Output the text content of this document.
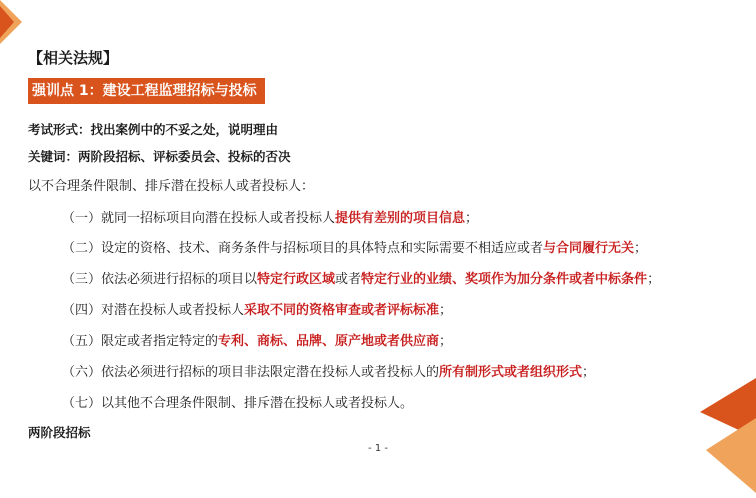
【相关法规】
强训点 1：建设工程监理招标与投标
考试形式：找出案例中的不妥之处，说明理由
关键词：两阶段招标、评标委员会、投标的否决
以不合理条件限制、排斥潜在投标人或者投标人：
（一）就同一招标项目向潜在投标人或者投标人提供有差别的项目信息；
（二）设定的资格、技术、商务条件与招标项目的具体特点和实际需要不相适应或者与合同履行无关；
（三）依法必须进行招标的项目以特定行政区域或者特定行业的业绩、奖项作为加分条件或者中标条件；
（四）对潜在投标人或者投标人采取不同的资格审查或者评标标准；
（五）限定或者指定特定的专利、商标、品牌、原产地或者供应商；
（六）依法必须进行招标的项目非法限定潜在投标人或者投标人的所有制形式或者组织形式；
（七）以其他不合理条件限制、排斥潜在投标人或者投标人。
两阶段招标
- 1 -
